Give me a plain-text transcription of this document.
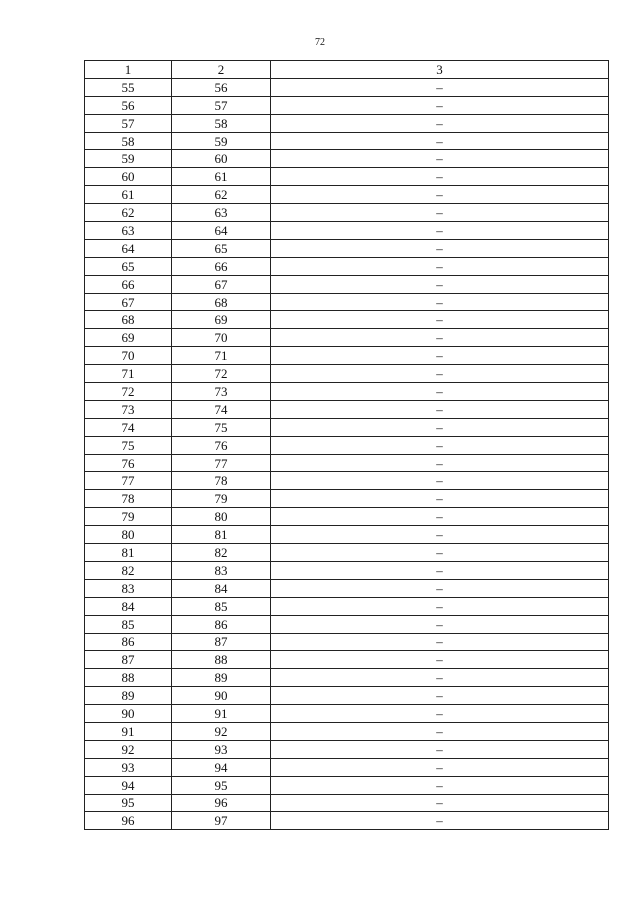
72
1	2	3
55	56	–
56	57	–
57	58	–
58	59	–
59	60	–
60	61	–
61	62	–
62	63	–
63	64	–
64	65	–
65	66	–
66	67	–
67	68	–
68	69	–
69	70	–
70	71	–
71	72	–
72	73	–
73	74	–
74	75	–
75	76	–
76	77	–
77	78	–
78	79	–
79	80	–
80	81	–
81	82	–
82	83	–
83	84	–
84	85	–
85	86	–
86	87	–
87	88	–
88	89	–
89	90	–
90	91	–
91	92	–
92	93	–
93	94	–
94	95	–
95	96	–
96	97	–
